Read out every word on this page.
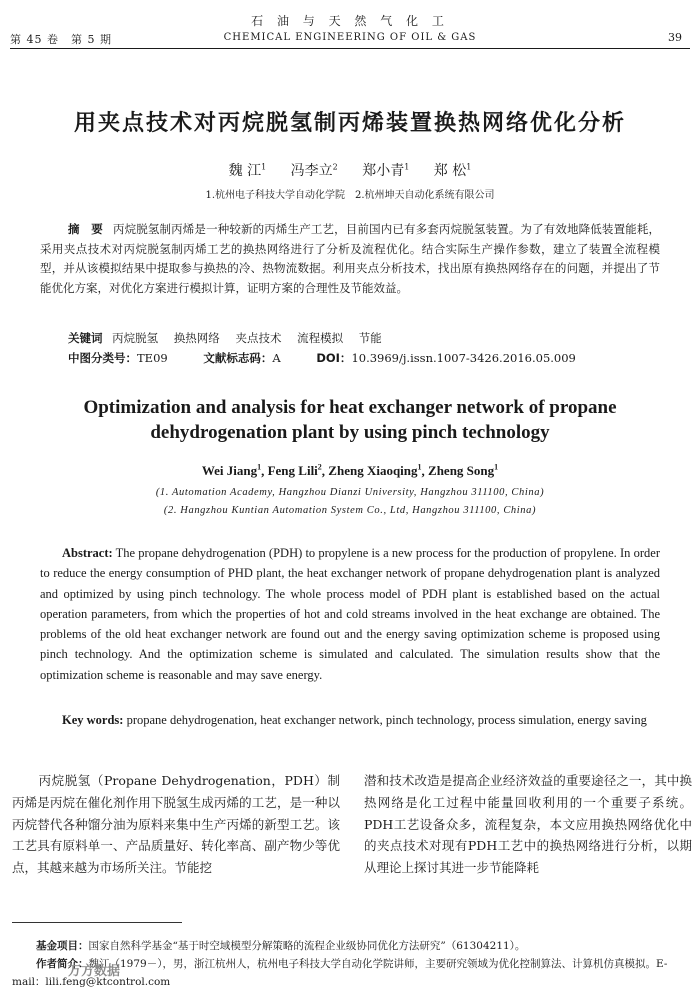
第 45 卷　第 5 期
石 油 与 天 然 气 化 工
CHEMICAL ENGINEERING OF OIL & GAS	39
用夹点技术对丙烷脱氢制丙烯装置换热网络优化分析
魏 江$^1$ 冯李立$^2$ 郑小青$^1$ 郑 松$^1$
1.杭州电子科技大学自动化学院　2.杭州坤天自动化系统有限公司
摘　要 丙烷脱氢制丙烯是一种较新的丙烯生产工艺，目前国内已有多套丙烷脱氢装置。为了有效地降低装置能耗，采用夹点技术对丙烷脱氢制丙烯工艺的换热网络进行了分析及流程优化。结合实际生产操作参数，建立了装置全流程模型，并从该模拟结果中提取参与换热的冷、热物流数据。利用夹点分析技术，找出原有换热网络存在的问题，并提出了节能优化方案，对优化方案进行模拟计算，证明方案的合理性及节能效益。
关键词 丙烷脱氢 换热网络 夹点技术 流程模拟 节能
中图分类号：TE09	文献标志码：A	DOI：10.3969/j.issn.1007-3426.2016.05.009
Optimization and analysis for heat exchanger network of propane dehydrogenation plant by using pinch technology
Wei Jiang$^1$, Feng Lili$^2$, Zheng Xiaoqing$^1$, Zheng Song$^1$
(1. Automation Academy, Hangzhou Dianzi University, Hangzhou 311100, China)
(2. Hangzhou Kuntian Automation System Co., Ltd, Hangzhou 311100, China)
Abstract: The propane dehydrogenation (PDH) to propylene is a new process for the production of propylene. In order to reduce the energy consumption of PHD plant, the heat exchanger network of propane dehydrogenation plant is analyzed and optimized by using pinch technology. The whole process model of PDH plant is established based on the actual operation parameters, from which the properties of hot and cold streams involved in the heat exchange are obtained. The problems of the old heat exchanger network are found out and the energy saving optimization scheme is proposed using pinch technology. And the optimization scheme is simulated and calculated. The simulation results show that the optimization scheme is reasonable and may save energy.
Key words: propane dehydrogenation, heat exchanger network, pinch technology, process simulation, energy saving
丙烷脱氢（Propane Dehydrogenation，PDH）制丙烯是丙烷在催化剂作用下脱氢生成丙烯的工艺，是一种以丙烷替代各种馏分油为原料来集中生产丙烯的新型工艺。该工艺具有原料单一、产品质量好、转化率高、副产物少等优点，其越来越为市场所关注。节能挖
潜和技术改造是提高企业经济效益的重要途径之一，其中换热网络是化工过程中能量回收利用的一个重要子系统。PDH工艺设备众多，流程复杂，本文应用换热网络优化中的夹点技术对现有PDH工艺中的换热网络进行分析，以期从理论上探讨其进一步节能降耗
基金项目：国家自然科学基金“基于时空域模型分解策略的流程企业级协同优化方法研究”（61304211）。
作者简介：魏江（1979－），男，浙江杭州人，杭州电子科技大学自动化学院讲师，主要研究领域为优化控制算法、计算机仿真模拟。E-mail：lili.feng@ktcontrol.com
万方数据
